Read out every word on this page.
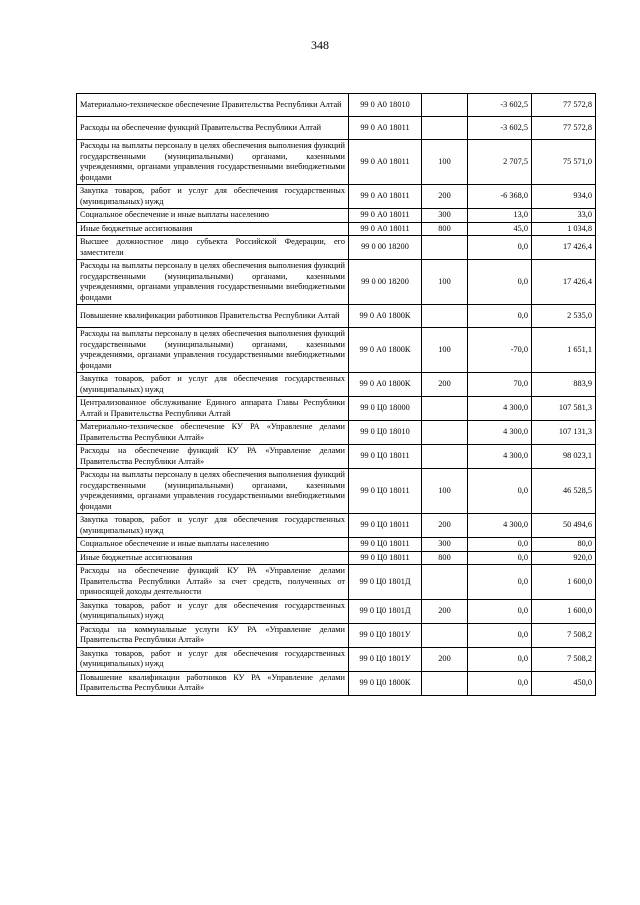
348
Материально-техническое обеспечение Правительства Республики Алтай	99 0 А0 18010		-3 602,5	77 572,8
Расходы на обеспечение функций Правительства Республики Алтай	99 0 А0 18011		-3 602,5	77 572,8
Расходы на выплаты персоналу в целях обеспечения выполнения функций государственными (муниципальными) органами, казенными учреждениями, органами управления государственными внебюджетными фондами	99 0 А0 18011	100	2 707,5	75 571,0
Закупка товаров, работ и услуг для обеспечения государственных (муниципальных) нужд	99 0 А0 18011	200	-6 368,0	934,0
Социальное обеспечение и иные выплаты населению	99 0 А0 18011	300	13,0	33,0
Иные бюджетные ассигнования	99 0 А0 18011	800	45,0	1 034,8
Высшее должностное лицо субъекта Российской Федерации, его заместители	99 0 00 18200		0,0	17 426,4
Расходы на выплаты персоналу в целях обеспечения выполнения функций государственными (муниципальными) органами, казенными учреждениями, органами управления государственными внебюджетными фондами	99 0 00 18200	100	0,0	17 426,4
Повышение квалификации работников Правительства Республики Алтай	99 0 А0 1800К		0,0	2 535,0
Расходы на выплаты персоналу в целях обеспечения выполнения функций государственными (муниципальными) органами, казенными учреждениями, органами управления государственными внебюджетными фондами	99 0 А0 1800К	100	-70,0	1 651,1
Закупка товаров, работ и услуг для обеспечения государственных (муниципальных) нужд	99 0 А0 1800К	200	70,0	883,9
Централизованное обслуживание Единого аппарата Главы Республики Алтай и Правительства Республики Алтай	99 0 Ц0 18000		4 300,0	107 581,3
Материально-техническое обеспечение КУ РА «Управление делами Правительства Республики Алтай»	99 0 Ц0 18010		4 300,0	107 131,3
Расходы на обеспечение функций КУ РА «Управление делами Правительства Республики Алтай»	99 0 Ц0 18011		4 300,0	98 023,1
Расходы на выплаты персоналу в целях обеспечения выполнения функций государственными (муниципальными) органами, казенными учреждениями, органами управления государственными внебюджетными фондами	99 0 Ц0 18011	100	0,0	46 528,5
Закупка товаров, работ и услуг для обеспечения государственных (муниципальных) нужд	99 0 Ц0 18011	200	4 300,0	50 494,6
Социальное обеспечение и иные выплаты населению	99 0 Ц0 18011	300	0,0	80,0
Иные бюджетные ассигнования	99 0 Ц0 18011	800	0,0	920,0
Расходы на обеспечение функций КУ РА «Управление делами Правительства Республики Алтай» за счет средств, полученных от приносящей доходы деятельности	99 0 Ц0 1801Д		0,0	1 600,0
Закупка товаров, работ и услуг для обеспечения государственных (муниципальных) нужд	99 0 Ц0 1801Д	200	0,0	1 600,0
Расходы на коммунальные услуги КУ РА «Управление делами Правительства Республики Алтай»	99 0 Ц0 1801У		0,0	7 508,2
Закупка товаров, работ и услуг для обеспечения государственных (муниципальных) нужд	99 0 Ц0 1801У	200	0,0	7 508,2
Повышение квалификации работников КУ РА «Управление делами Правительства Республики Алтай»	99 0 Ц0 1800К		0,0	450,0
